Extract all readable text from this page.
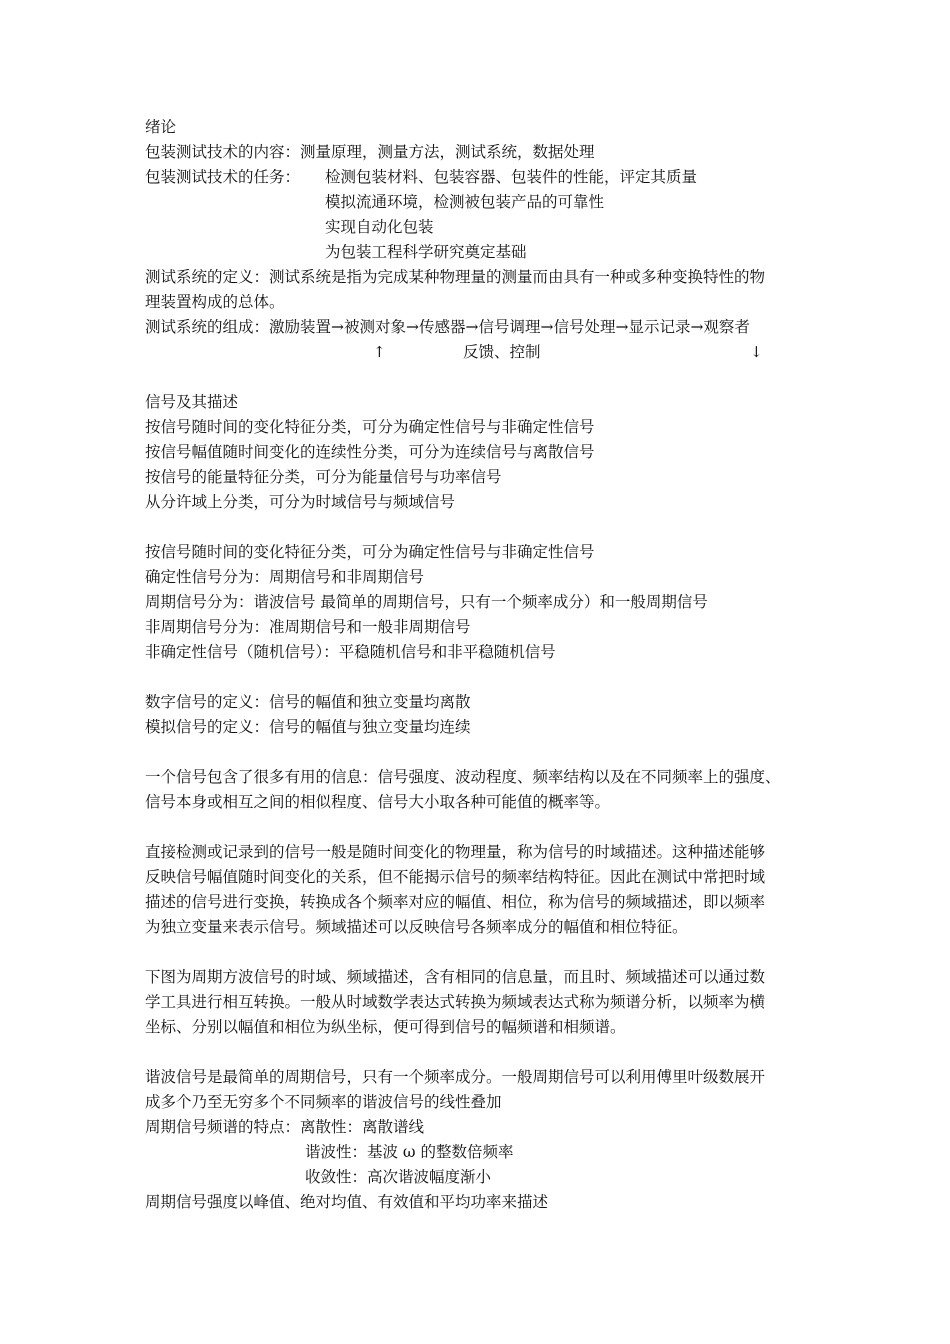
绪论
包装测试技术的内容：测量原理，测量方法，测试系统，数据处理
包装测试技术的任务： 检测包装材料、包装容器、包装件的性能，评定其质量
模拟流通环境，检测被包装产品的可靠性
实现自动化包装
为包装工程科学研究奠定基础
测试系统的定义：测试系统是指为完成某种物理量的测量而由具有一种或多种变换特性的物
理装置构成的总体。
测试系统的组成：激励装置→被测对象→传感器→信号调理→信号处理→显示记录→观察者
↑	反馈、控制	↓
信号及其描述
按信号随时间的变化特征分类，可分为确定性信号与非确定性信号
按信号幅值随时间变化的连续性分类，可分为连续信号与离散信号
按信号的能量特征分类，可分为能量信号与功率信号
从分许域上分类，可分为时域信号与频域信号
按信号随时间的变化特征分类，可分为确定性信号与非确定性信号
确定性信号分为：周期信号和非周期信号
周期信号分为：谐波信号 最简单的周期信号，只有一个频率成分）和一般周期信号
非周期信号分为：准周期信号和一般非周期信号
非确定性信号（随机信号）：平稳随机信号和非平稳随机信号
数字信号的定义：信号的幅值和独立变量均离散
模拟信号的定义：信号的幅值与独立变量均连续
一个信号包含了很多有用的信息：信号强度、波动程度、频率结构以及在不同频率上的强度、
信号本身或相互之间的相似程度、信号大小取各种可能值的概率等。
直接检测或记录到的信号一般是随时间变化的物理量，称为信号的时域描述。这种描述能够
反映信号幅值随时间变化的关系，但不能揭示信号的频率结构特征。因此在测试中常把时域
描述的信号进行变换，转换成各个频率对应的幅值、相位，称为信号的频域描述，即以频率
为独立变量来表示信号。频域描述可以反映信号各频率成分的幅值和相位特征。
下图为周期方波信号的时域、频域描述，含有相同的信息量，而且时、频域描述可以通过数
学工具进行相互转换。一般从时域数学表达式转换为频域表达式称为频谱分析，以频率为横
坐标、分别以幅值和相位为纵坐标，便可得到信号的幅频谱和相频谱。
谐波信号是最简单的周期信号，只有一个频率成分。一般周期信号可以利用傅里叶级数展开
成多个乃至无穷多个不同频率的谐波信号的线性叠加
周期信号频谱的特点：离散性：离散谱线
谐波性：基波 ω 的整数倍频率
收敛性：高次谐波幅度渐小
周期信号强度以峰值、绝对均值、有效值和平均功率来描述
